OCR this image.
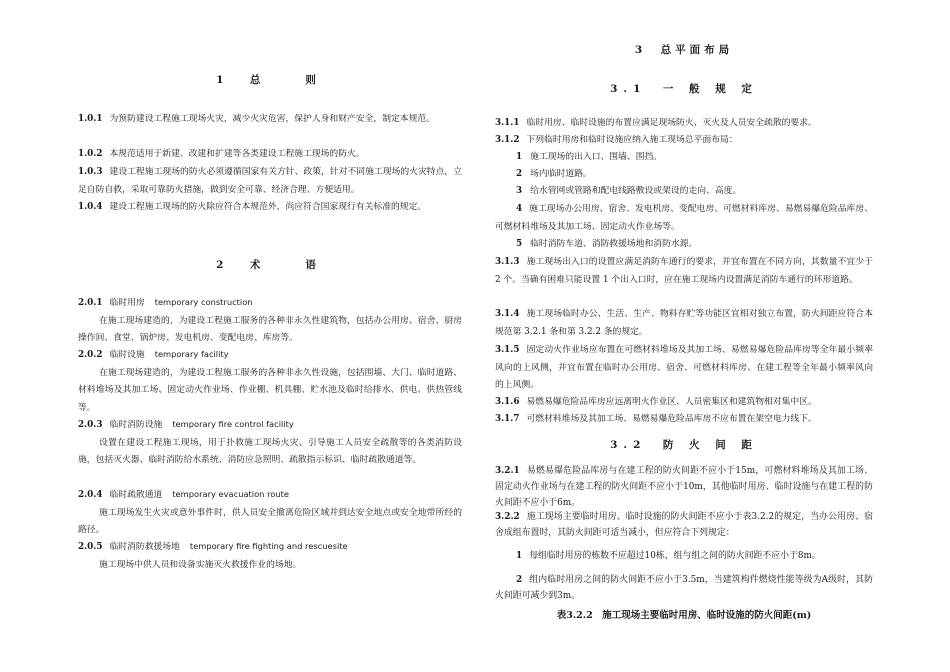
1　总　　则
1.0.1 为预防建设工程施工现场火灾，减少火灾危害，保护人身和财产安全，制定本规范。
1.0.2 本规范适用于新建、改建和扩建等各类建设工程施工现场的防火。
1.0.3 建设工程施工现场的防火必须遵循国家有关方针、政策，针对不同施工现场的火灾特点，立足自防自救，采取可靠防火措施，做到安全可靠、经济合理、方便适用。
1.0.4 建设工程施工现场的防火除应符合本规范外，尚应符合国家现行有关标准的规定。
2　术　　语
2.0.1 临时用房 temporary construction
在施工现场建造的，为建设工程施工服务的各种非永久性建筑物，包括办公用房、宿舍、厨房操作间、食堂、锅炉房、发电机房、变配电房、库房等。
2.0.2 临时设施 temporary facility
在施工现场建造的，为建设工程施工服务的各种非永久性设施，包括围墙、大门、临时道路、材料堆场及其加工场、固定动火作业场、作业棚、机具棚、贮水池及临时给排水、供电、供热管线等。
2.0.3 临时消防设施 temporary fire control facility
设置在建设工程施工现场，用于扑救施工现场火灾、引导施工人员安全疏散等的各类消防设施，包括灭火器、临时消防给水系统、消防应急照明、疏散指示标识、临时疏散通道等。
2.0.4 临时疏散通道 temporary evacuation route
施工现场发生火灾或意外事件时，供人员安全撤离危险区域并到达安全地点或安全地带所经的路径。
2.0.5 临时消防救援场地 temporary fire fighting and rescuesite
施工现场中供人员和设备实施灭火救援作业的场地。
3　总平面布局
3.1　一 般 规 定
3.1.1 临时用房、临时设施的布置应满足现场防火、灭火及人员安全疏散的要求。
3.1.2 下列临时用房和临时设施应纳入施工现场总平面布局：
1 施工现场的出入口、围墙、围挡。
2 场内临时道路。
3 给水管网或管路和配电线路敷设或架设的走向、高度。
4 施工现场办公用房、宿舍、发电机房、变配电房、可燃材料库房、易燃易爆危险品库房、可燃材料堆场及其加工场、固定动火作业场等。
5 临时消防车道、消防救援场地和消防水源。
3.1.3 施工现场出入口的设置应满足消防车通行的要求，并宜布置在不同方向，其数量不宜少于 2 个。当确有困难只能设置 1 个出入口时，应在施工现场内设置满足消防车通行的环形道路。
3.1.4 施工现场临时办公、生活、生产、物料存贮等功能区宜相对独立布置，防火间距应符合本规范第 3.2.1 条和第 3.2.2 条的规定。
3.1.5 固定动火作业场应布置在可燃材料堆场及其加工场、易燃易爆危险品库房等全年最小频率风向的上风侧，并宜布置在临时办公用房、宿舍、可燃材料库房、在建工程等全年最小频率风向的上风侧。
3.1.6 易燃易爆危险品库房应远离明火作业区、人员密集区和建筑物相对集中区。
3.1.7 可燃材料堆场及其加工场、易燃易爆危险品库房不应布置在架空电力线下。
3.2　防 火 间 距
3.2.1 易燃易爆危险品库房与在建工程的防火间距不应小于15m，可燃材料堆场及其加工场、固定动火作业场与在建工程的防火间距不应小于10m，其他临时用房、临时设施与在建工程的防火间距不应小于6m。
3.2.2 施工现场主要临时用房、临时设施的防火间距不应小于表3.2.2的规定，当办公用房、宿舍成组布置时，其防火间距可适当减小，但应符合下列规定：
1 每组临时用房的栋数不应超过10栋，组与组之间的防火间距不应小于8m。
2 组内临时用房之间的防火间距不应小于3.5m，当建筑构件燃烧性能等级为A级时，其防火间距可减少到3m。
表3.2.2　施工现场主要临时用房、临时设施的防火间距(m)
